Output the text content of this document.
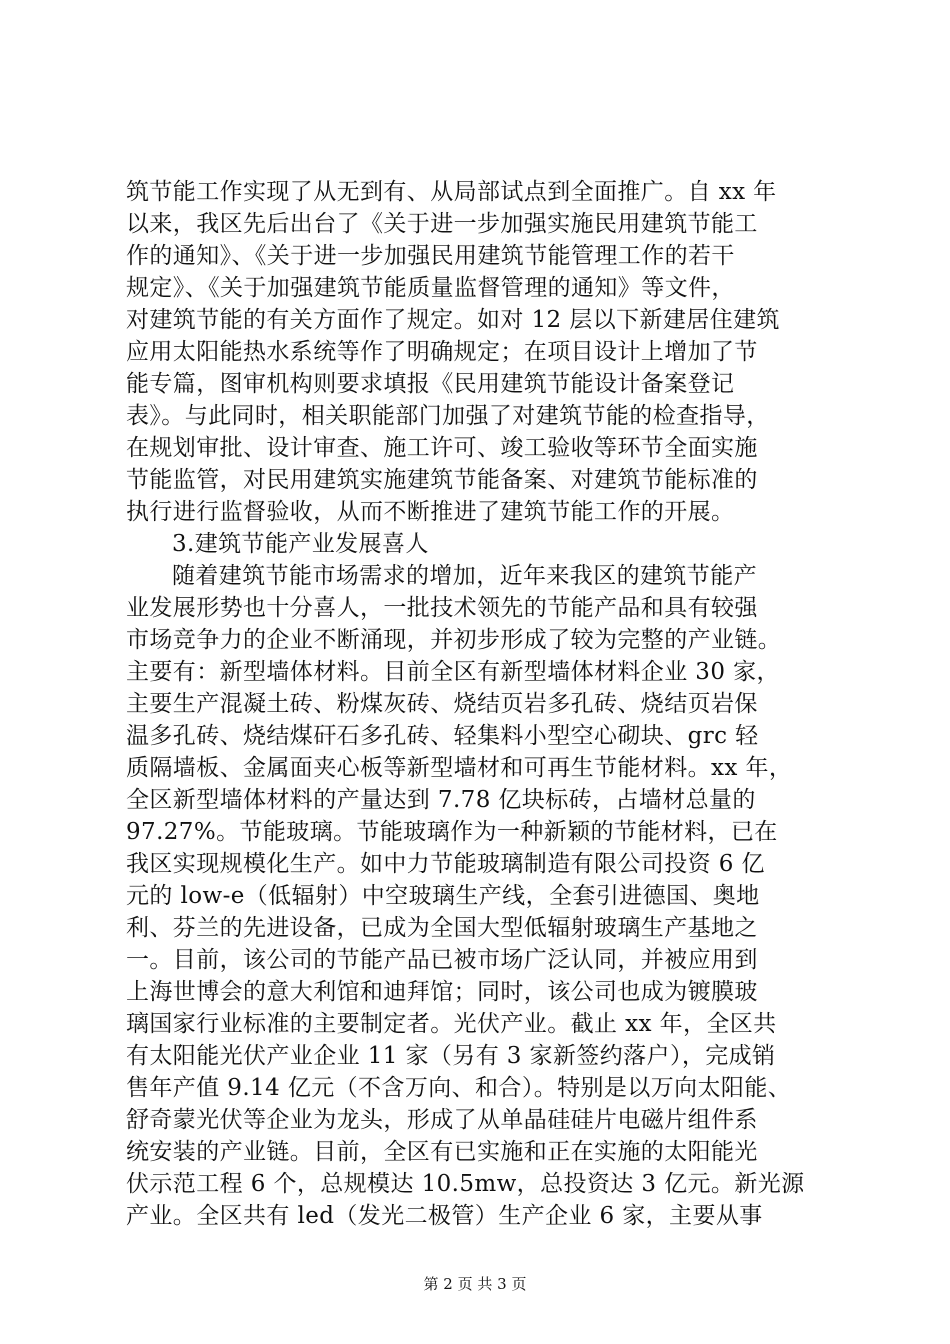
筑节能工作实现了从无到有、从局部试点到全面推广。自 xx 年
以来，我区先后出台了《关于进一步加强实施民用建筑节能工
作的通知》、《关于进一步加强民用建筑节能管理工作的若干
规定》、《关于加强建筑节能质量监督管理的通知》等文件，
对建筑节能的有关方面作了规定。如对 12 层以下新建居住建筑
应用太阳能热水系统等作了明确规定；在项目设计上增加了节
能专篇，图审机构则要求填报《民用建筑节能设计备案登记
表》。与此同时，相关职能部门加强了对建筑节能的检查指导，
在规划审批、设计审查、施工许可、竣工验收等环节全面实施
节能监管，对民用建筑实施建筑节能备案、对建筑节能标准的
执行进行监督验收，从而不断推进了建筑节能工作的开展。
3.建筑节能产业发展喜人
随着建筑节能市场需求的增加，近年来我区的建筑节能产
业发展形势也十分喜人，一批技术领先的节能产品和具有较强
市场竞争力的企业不断涌现，并初步形成了较为完整的产业链。
主要有：新型墙体材料。目前全区有新型墙体材料企业 30 家，
主要生产混凝土砖、粉煤灰砖、烧结页岩多孔砖、烧结页岩保
温多孔砖、烧结煤矸石多孔砖、轻集料小型空心砌块、grc 轻
质隔墙板、金属面夹心板等新型墙材和可再生节能材料。xx 年，
全区新型墙体材料的产量达到 7.78 亿块标砖，占墙材总量的
97.27%。节能玻璃。节能玻璃作为一种新颖的节能材料，已在
我区实现规模化生产。如中力节能玻璃制造有限公司投资 6 亿
元的 low-e（低辐射）中空玻璃生产线，全套引进德国、奥地
利、芬兰的先进设备，已成为全国大型低辐射玻璃生产基地之
一。目前，该公司的节能产品已被市场广泛认同，并被应用到
上海世博会的意大利馆和迪拜馆；同时，该公司也成为镀膜玻
璃国家行业标准的主要制定者。光伏产业。截止 xx 年，全区共
有太阳能光伏产业企业 11 家（另有 3 家新签约落户），完成销
售年产值 9.14 亿元（不含万向、和合）。特别是以万向太阳能、
舒奇蒙光伏等企业为龙头，形成了从单晶硅硅片电磁片组件系
统安装的产业链。目前，全区有已实施和正在实施的太阳能光
伏示范工程 6 个，总规模达 10.5mw，总投资达 3 亿元。新光源
产业。全区共有 led（发光二极管）生产企业 6 家，主要从事
第 2 页 共 3 页
